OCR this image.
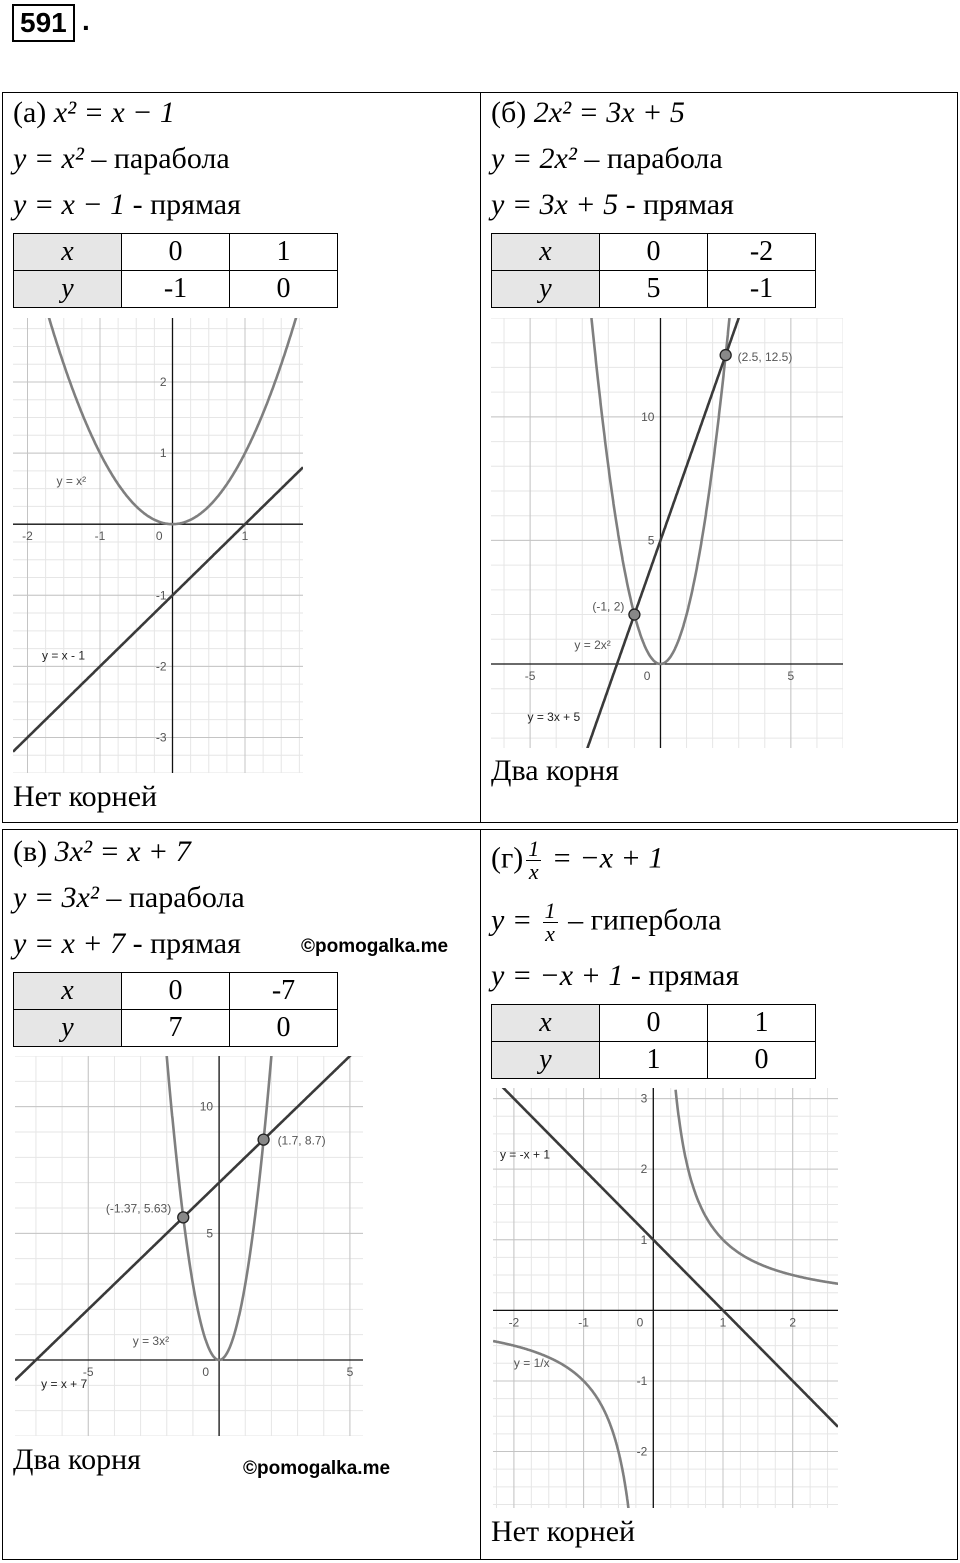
591 .
(а) x² = x − 1
y = x² – парабола
y = x − 1 - прямая
x	0	1
y	-1	0
-2	-1	0	1
2
1
-1
-2
-3
y = x²
y = x - 1
Нет корней
(б) 2x² = 3x + 5
y = 2x² – парабола
y = 3x + 5 - прямая
x	0	-2
y	5	-1
-5	0	5
10
5
y = 2x²
y = 3x + 5
(2.5, 12.5)
(-1, 2)
Два корня
(в) 3x² = x + 7
y = 3x² – парабола
y = x + 7 - прямая	©pomogalka.me
x	0	-7
y	7	0
-5	0	5
10
5
y = 3x²
y = x + 7
(1.7, 8.7)
(-1.37, 5.63)
Два корня	©pomogalka.me
$(г) \frac{1}{x} = -x + 1$
$y = \frac{1}{x}$ – гипербола
y = −x + 1 - прямая
x	0	1
y	1	0
-2	-1	0	1	2
3
2
1
-1
-2
y = 1/x
y = -x + 1
Нет корней
